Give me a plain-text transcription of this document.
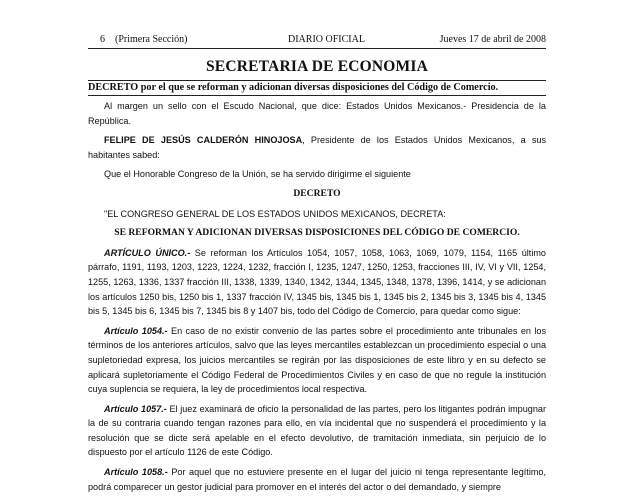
6 (Primera Sección)	DIARIO OFICIAL	Jueves 17 de abril de 2008
SECRETARIA DE ECONOMIA
DECRETO por el que se reforman y adicionan diversas disposiciones del Código de Comercio.

Al margen un sello con el Escudo Nacional, que dice: Estados Unidos Mexicanos.- Presidencia de la República.

FELIPE DE JESÚS CALDERÓN HINOJOSA, Presidente de los Estados Unidos Mexicanos, a sus habitantes sabed:

Que el Honorable Congreso de la Unión, se ha servido dirigirme el siguiente

DECRETO

"EL CONGRESO GENERAL DE LOS ESTADOS UNIDOS MEXICANOS, DECRETA:

SE REFORMAN Y ADICIONAN DIVERSAS DISPOSICIONES DEL CÓDIGO DE COMERCIO.

ARTÍCULO ÚNICO.- Se reforman los Artículos 1054, 1057, 1058, 1063, 1069, 1079, 1154, 1165 último párrafo, 1191, 1193, 1203, 1223, 1224, 1232, fracción I, 1235, 1247, 1250, 1253, fracciones III, IV, VI y VII, 1254, 1255, 1263, 1336, 1337 fracción III, 1338, 1339, 1340, 1342, 1344, 1345, 1348, 1378, 1396, 1414, y se adicionan los artículos 1250 bis, 1250 bis 1, 1337 fracción IV, 1345 bis, 1345 bis 1, 1345 bis 2, 1345 bis 3, 1345 bis 4, 1345 bis 5, 1345 bis 6, 1345 bis 7, 1345 bis 8 y 1407 bis, todo del Código de Comercio, para quedar como sigue:

Artículo 1054.- En caso de no existir convenio de las partes sobre el procedimiento ante tribunales en los términos de los anteriores artículos, salvo que las leyes mercantiles establezcan un procedimiento especial o una supletoriedad expresa, los juicios mercantiles se regirán por las disposiciones de este libro y en su defecto se aplicará supletoriamente el Código Federal de Procedimientos Civiles y en caso de que no regule la institución cuya suplencia se requiera, la ley de procedimientos local respectiva.

Artículo 1057.- El juez examinará de oficio la personalidad de las partes, pero los litigantes podrán impugnar la de su contraria cuando tengan razones para ello, en vía incidental que no suspenderá el procedimiento y la resolución que se dicte será apelable en el efecto devolutivo, de tramitación inmediata, sin perjuicio de lo dispuesto por el artículo 1126 de este Código.

Artículo 1058.- Por aquel que no estuviere presente en el lugar del juicio ni tenga representante legítimo, podrá comparecer un gestor judicial para promover en el interés del actor o del demandado, y siempre
